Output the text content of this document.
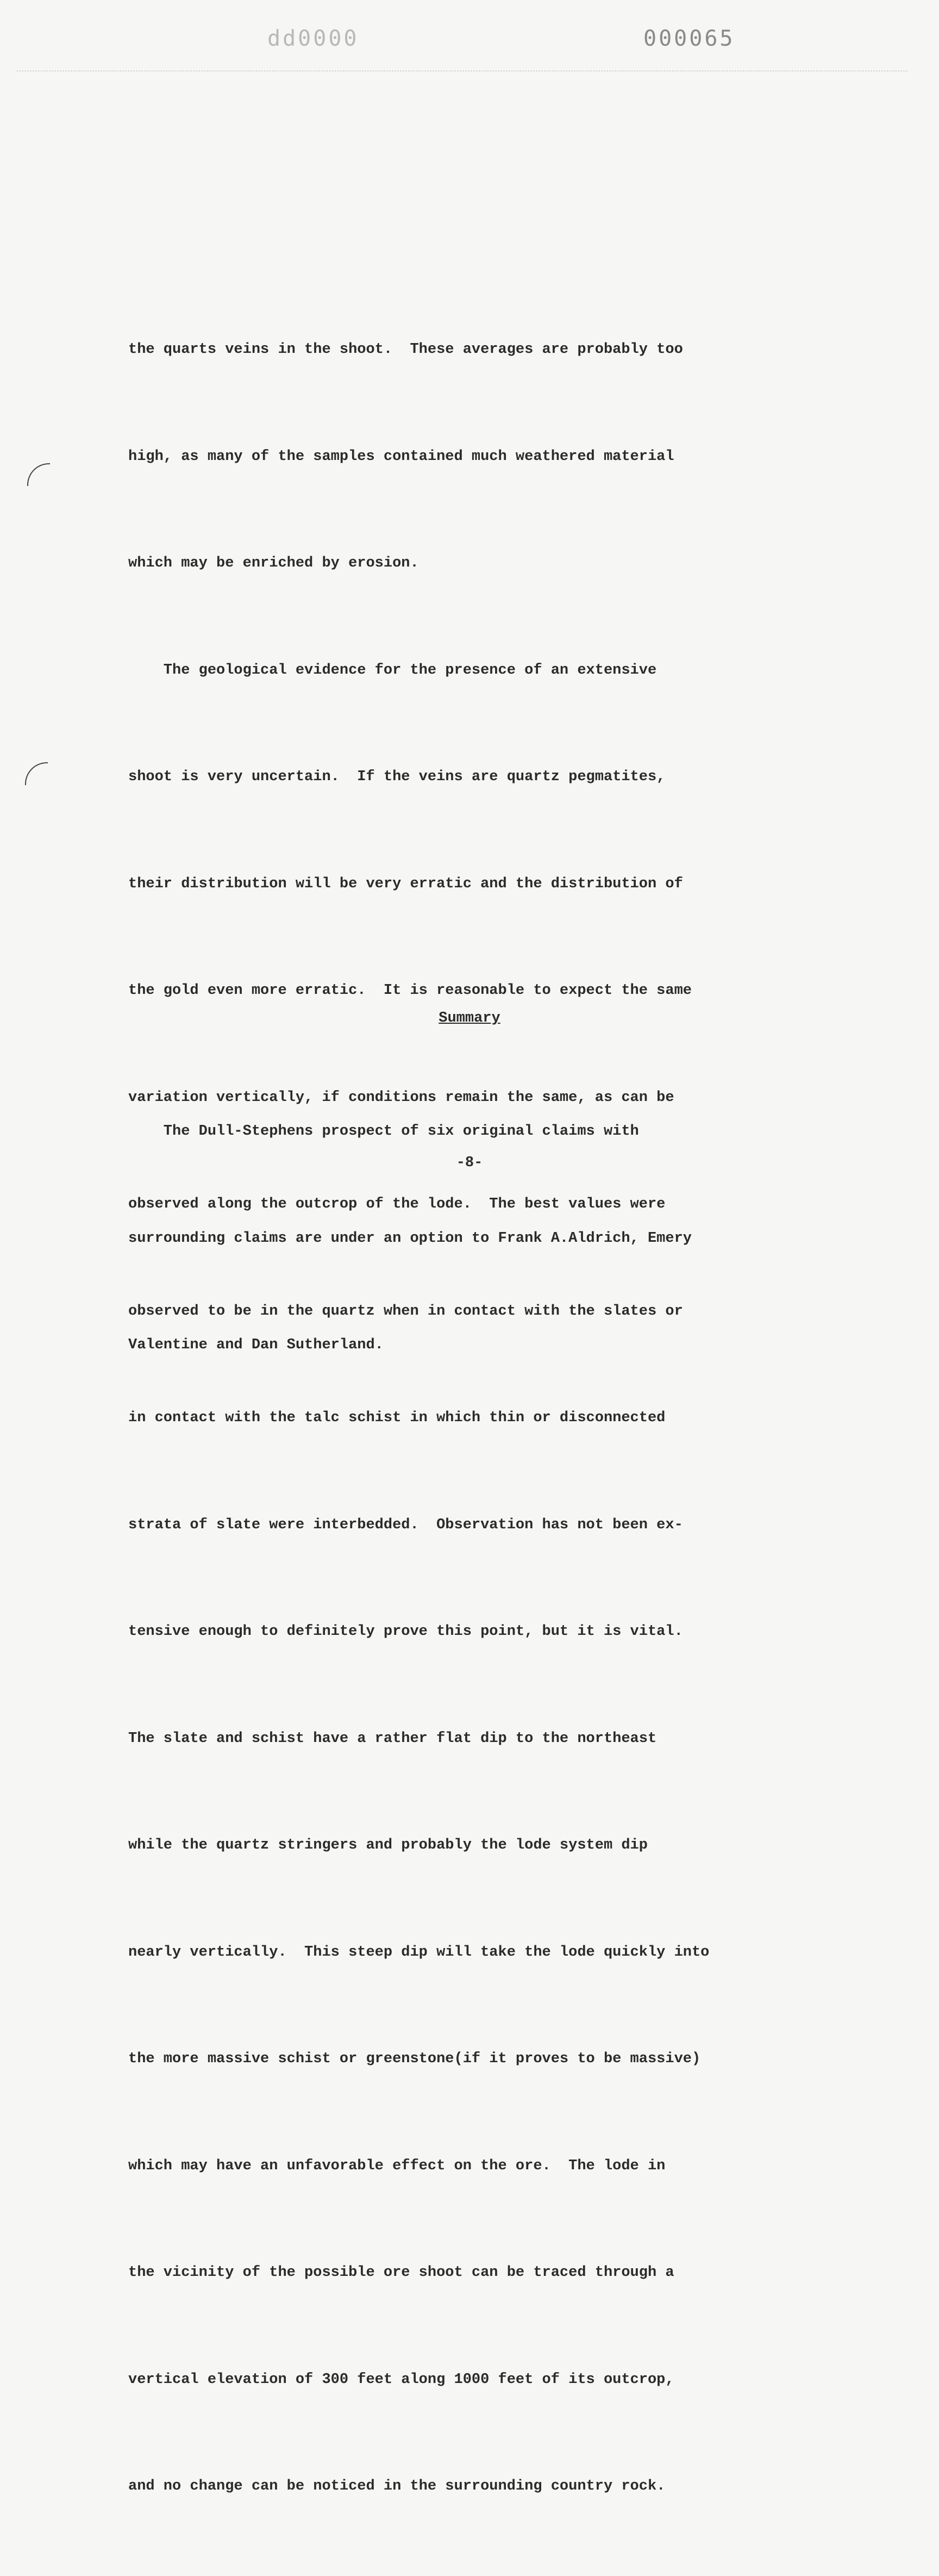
dd0000	000065

the quarts veins in the shoot.  These averages are probably too

high, as many of the samples contained much weathered material

which may be enriched by erosion.

The geological evidence for the presence of an extensive

shoot is very uncertain.  If the veins are quartz pegmatites,

their distribution will be very erratic and the distribution of

the gold even more erratic.  It is reasonable to expect the same

variation vertically, if conditions remain the same, as can be

observed along the outcrop of the lode.  The best values were

observed to be in the quartz when in contact with the slates or

in contact with the talc schist in which thin or disconnected

strata of slate were interbedded.  Observation has not been ex-

tensive enough to definitely prove this point, but it is vital.

The slate and schist have a rather flat dip to the northeast

while the quartz stringers and probably the lode system dip

nearly vertically.  This steep dip will take the lode quickly into

the more massive schist or greenstone(if it proves to be massive)

which may have an unfavorable effect on the ore.  The lode in

the vicinity of the possible ore shoot can be traced through a

vertical elevation of 300 feet along 1000 feet of its outcrop,

and no change can be noticed in the surrounding country rock.

Summary

The Dull-Stephens prospect of six original claims with

surrounding claims are under an option to Frank A.Aldrich, Emery

Valentine and Dan Sutherland.

-8-
